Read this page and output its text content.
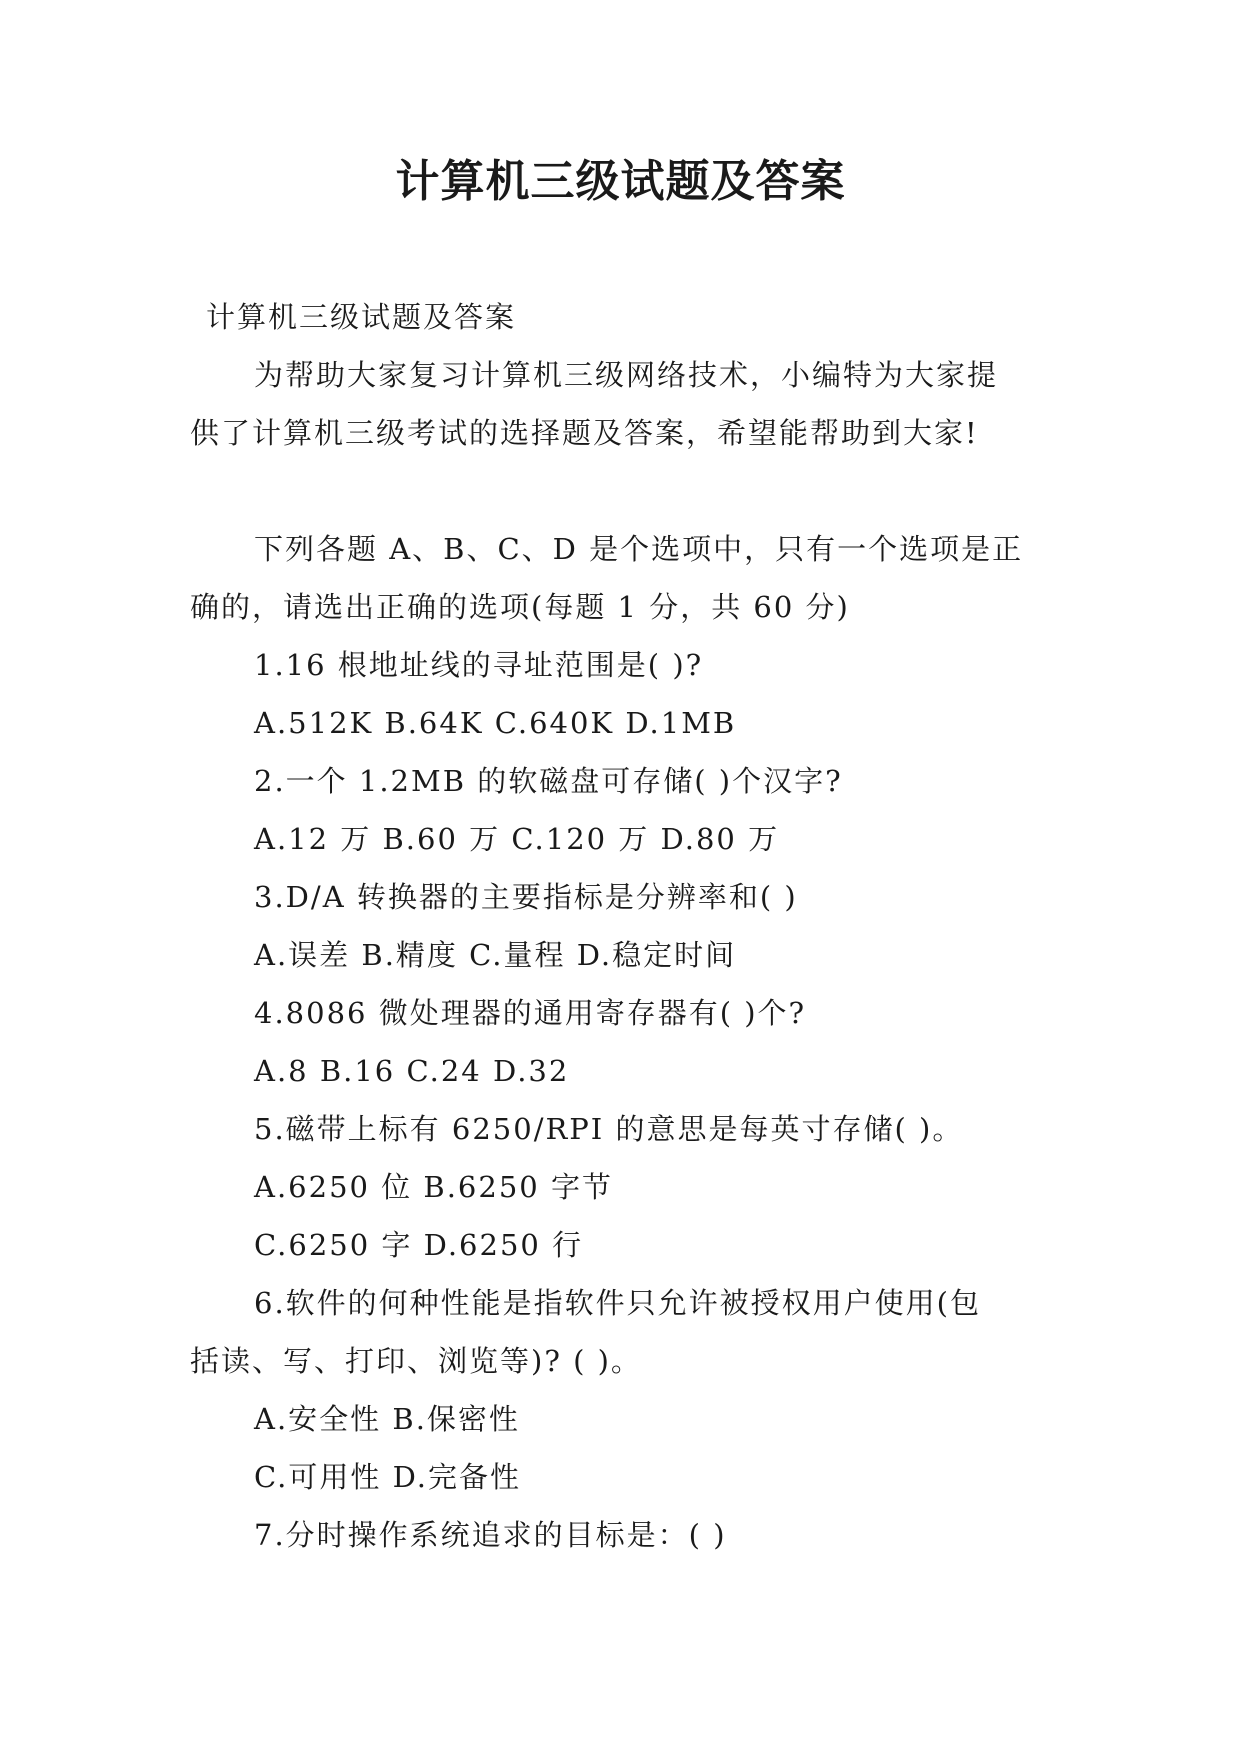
计算机三级试题及答案
计算机三级试题及答案
为帮助大家复习计算机三级网络技术，小编特为大家提
供了计算机三级考试的选择题及答案，希望能帮助到大家!
下列各题 A、B、C、D 是个选项中，只有一个选项是正
确的，请选出正确的选项(每题 1 分，共 60 分)
1.16 根地址线的寻址范围是( )?
A.512K B.64K C.640K D.1MB
2.一个 1.2MB 的软磁盘可存储( )个汉字?
A.12 万 B.60 万 C.120 万 D.80 万
3.D/A 转换器的主要指标是分辨率和( )
A.误差 B.精度 C.量程 D.稳定时间
4.8086 微处理器的通用寄存器有( )个?
A.8 B.16 C.24 D.32
5.磁带上标有 6250/RPI 的意思是每英寸存储( )。
A.6250 位 B.6250 字节
C.6250 字 D.6250 行
6.软件的何种性能是指软件只允许被授权用户使用(包
括读、写、打印、浏览等)? ( )。
A.安全性 B.保密性
C.可用性 D.完备性
7.分时操作系统追求的目标是：( )
